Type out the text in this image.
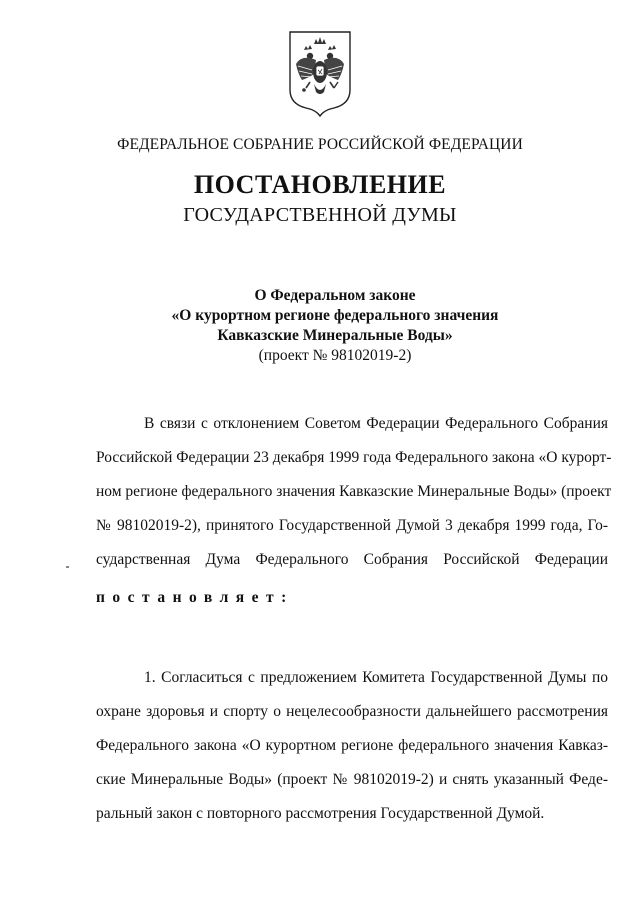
ФЕДЕРАЛЬНОЕ СОБРАНИЕ РОССИЙСКОЙ ФЕДЕРАЦИИ
ПОСТАНОВЛЕНИЕ
ГОСУДАРСТВЕННОЙ ДУМЫ
О Федеральном законе
«О курортном регионе федерального значения
Кавказские Минеральные Воды»
(проект № 98102019-2)
В связи с отклонением Советом Федерации Федерального Собрания
Российской Федерации 23 декабря 1999 года Федерального закона «О курорт-
ном регионе федерального значения Кавказские Минеральные Воды» (проект
№ 98102019-2), принятого Государственной Думой 3 декабря 1999 года, Го-
сударственная Дума Федерального Собрания Российской Федерации
постановляет:
1. Согласиться с предложением Комитета Государственной Думы по
охране здоровья и спорту о нецелесообразности дальнейшего рассмотрения
Федерального закона «О курортном регионе федерального значения Кавказ-
ские Минеральные Воды» (проект № 98102019-2) и снять указанный Феде-
ральный закон с повторного рассмотрения Государственной Думой.
